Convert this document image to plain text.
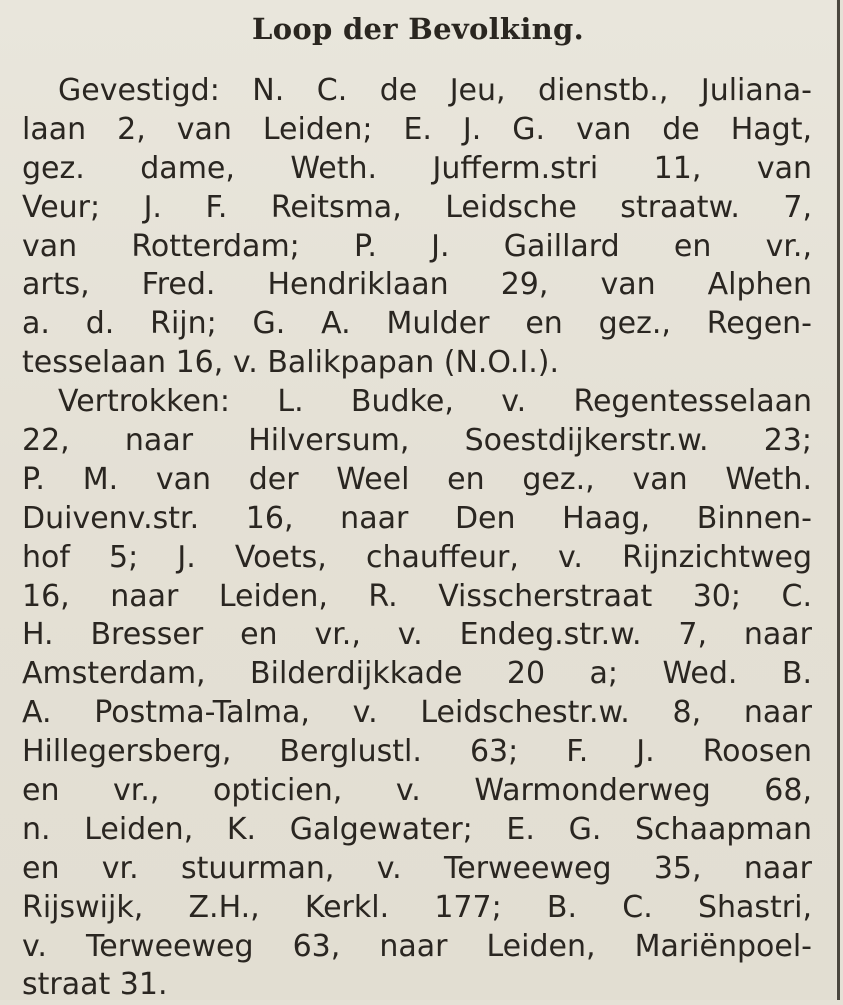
Loop der Bevolking.
Gevestigd: N. C. de Jeu, dienstb., Juliana-
laan 2, van Leiden; E. J. G. van de Hagt,
gez. dame, Weth. Jufferm.stri 11, van
Veur; J. F. Reitsma, Leidsche straatw. 7,
van Rotterdam; P. J. Gaillard en vr.,
arts, Fred. Hendriklaan 29, van Alphen
a. d. Rijn; G. A. Mulder en gez., Regen-
tesselaan 16, v. Balikpapan (N.O.I.).
Vertrokken: L. Budke, v. Regentesselaan
22, naar Hilversum, Soestdijkerstr.w. 23;
P. M. van der Weel en gez., van Weth.
Duivenv.str. 16, naar Den Haag, Binnen-
hof 5; J. Voets, chauffeur, v. Rijnzichtweg
16, naar Leiden, R. Visscherstraat 30; C.
H. Bresser en vr., v. Endeg.str.w. 7, naar
Amsterdam, Bilderdijkkade 20 a; Wed. B.
A. Postma-Talma, v. Leidschestr.w. 8, naar
Hillegersberg, Berglustl. 63; F. J. Roosen
en vr., opticien, v. Warmonderweg 68,
n. Leiden, K. Galgewater; E. G. Schaapman
en vr. stuurman, v. Terweeweg 35, naar
Rijswijk, Z.H., Kerkl. 177; B. C. Shastri,
v. Terweeweg 63, naar Leiden, Mariënpoel-
straat 31.
